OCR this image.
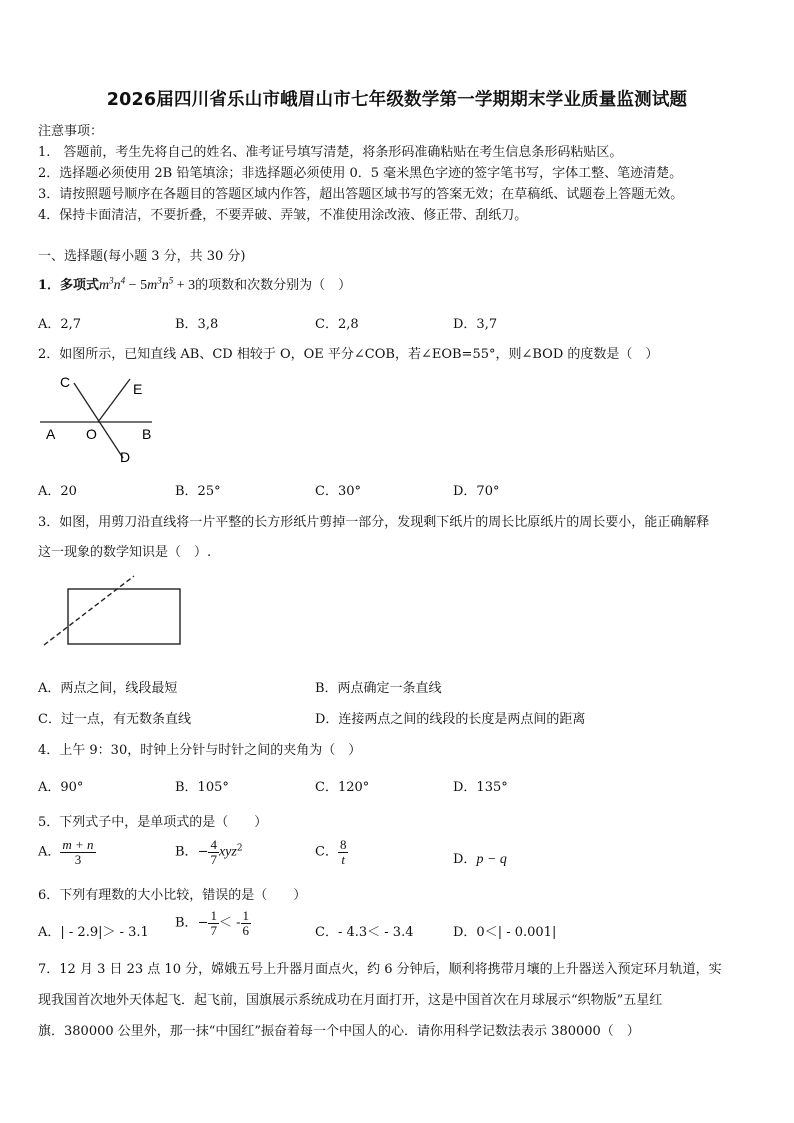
2026届四川省乐山市峨眉山市七年级数学第一学期期末学业质量监测试题
注意事项：
1.　答题前，考生先将自己的姓名、准考证号填写清楚，将条形码准确粘贴在考生信息条形码粘贴区。
2．选择题必须使用 2B 铅笔填涂；非选择题必须使用 0．5 毫米黑色字迹的签字笔书写，字体工整、笔迹清楚。
3．请按照题号顺序在各题目的答题区域内作答，超出答题区域书写的答案无效；在草稿纸、试题卷上答题无效。
4．保持卡面清洁，不要折叠，不要弄破、弄皱，不准使用涂改液、修正带、刮纸刀。
一、选择题(每小题 3 分，共 30 分)
1．多项式$m^3n^4 - 5m^3n^5 + 3$的项数和次数分别为（　）
A．2,7	B．3,8	C．2,8	D．3,7
2．如图所示，已知直线 AB、CD 相较于 O，OE 平分∠COB，若∠EOB=55°，则∠BOD 的度数是（　）
C	E
A O	B
D
A．20	B．25°	C．30°	D．70°
3．如图，用剪刀沿直线将一片平整的长方形纸片剪掉一部分，发现剩下纸片的周长比原纸片的周长要小，能正确解释
这一现象的数学知识是（　）.
A．两点之间，线段最短	B．两点确定一条直线
C．过一点，有无数条直线	D．连接两点之间的线段的长度是两点间的距离
4．上午 9：30，时钟上分针与时针之间的夹角为（　）
A．90°	B．105°	C．120°	D．135°
5．下列式子中，是单项式的是（　　）
A． $\frac{m + n}{3}$	B．− $\frac{4}{7} xyz^2$	C． $\frac{8}{t}$	D．p − q
6．下列有理数的大小比较，错误的是（　　）
A．| - 2.9|＞ - 3.1
B．− $\frac{1}{7}$ ＜ - $\frac{1}{6}$	C．- 4.3＜ - 3.4	D．0＜| - 0.001|
7．12 月 3 日 23 点 10 分，嫦娥五号上升器月面点火，约 6 分钟后，顺利将携带月壤的上升器送入预定环月轨道，实
现我国首次地外天体起飞．起飞前，国旗展示系统成功在月面打开，这是中国首次在月球展示“织物版”五星红
旗．380000 公里外，那一抹“中国红”振奋着每一个中国人的心．请你用科学记数法表示 380000（　）
